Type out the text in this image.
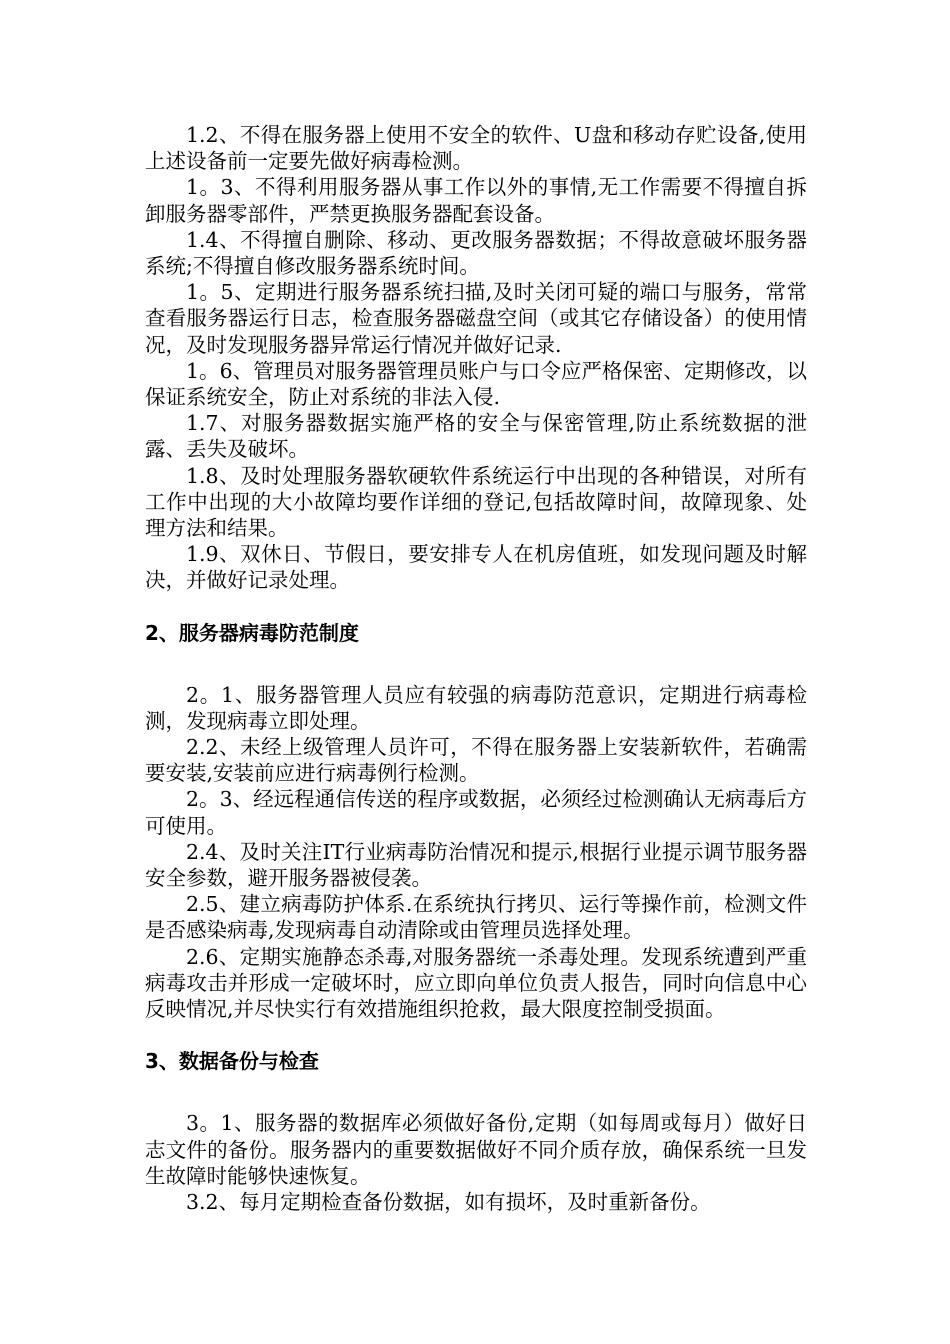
1.2、不得在服务器上使用不安全的软件、U盘和移动存贮设备,使用上述设备前一定要先做好病毒检测。

1。3、不得利用服务器从事工作以外的事情,无工作需要不得擅自拆卸服务器零部件，严禁更换服务器配套设备。

1.4、不得擅自删除、移动、更改服务器数据；不得故意破坏服务器系统;不得擅自修改服务器系统时间。

1。5、定期进行服务器系统扫描,及时关闭可疑的端口与服务，常常查看服务器运行日志，检查服务器磁盘空间（或其它存储设备）的使用情况，及时发现服务器异常运行情况并做好记录.

1。6、管理员对服务器管理员账户与口令应严格保密、定期修改，以保证系统安全，防止对系统的非法入侵.

1.7、对服务器数据实施严格的安全与保密管理,防止系统数据的泄露、丢失及破坏。

1.8、及时处理服务器软硬软件系统运行中出现的各种错误，对所有工作中出现的大小故障均要作详细的登记,包括故障时间，故障现象、处理方法和结果。

1.9、双休日、节假日，要安排专人在机房值班，如发现问题及时解决，并做好记录处理。

2、服务器病毒防范制度

2。1、服务器管理人员应有较强的病毒防范意识，定期进行病毒检测，发现病毒立即处理。

2.2、未经上级管理人员许可，不得在服务器上安装新软件，若确需要安装,安装前应进行病毒例行检测。

2。3、经远程通信传送的程序或数据，必须经过检测确认无病毒后方可使用。

2.4、及时关注IT行业病毒防治情况和提示,根据行业提示调节服务器安全参数，避开服务器被侵袭。

2.5、建立病毒防护体系.在系统执行拷贝、运行等操作前，检测文件是否感染病毒,发现病毒自动清除或由管理员选择处理。

2.6、定期实施静态杀毒,对服务器统一杀毒处理。发现系统遭到严重病毒攻击并形成一定破坏时，应立即向单位负责人报告，同时向信息中心反映情况,并尽快实行有效措施组织抢救，最大限度控制受损面。

3、数据备份与检查

3。1、服务器的数据库必须做好备份,定期（如每周或每月）做好日志文件的备份。服务器内的重要数据做好不同介质存放，确保系统一旦发生故障时能够快速恢复。

3.2、每月定期检查备份数据，如有损坏，及时重新备份。
